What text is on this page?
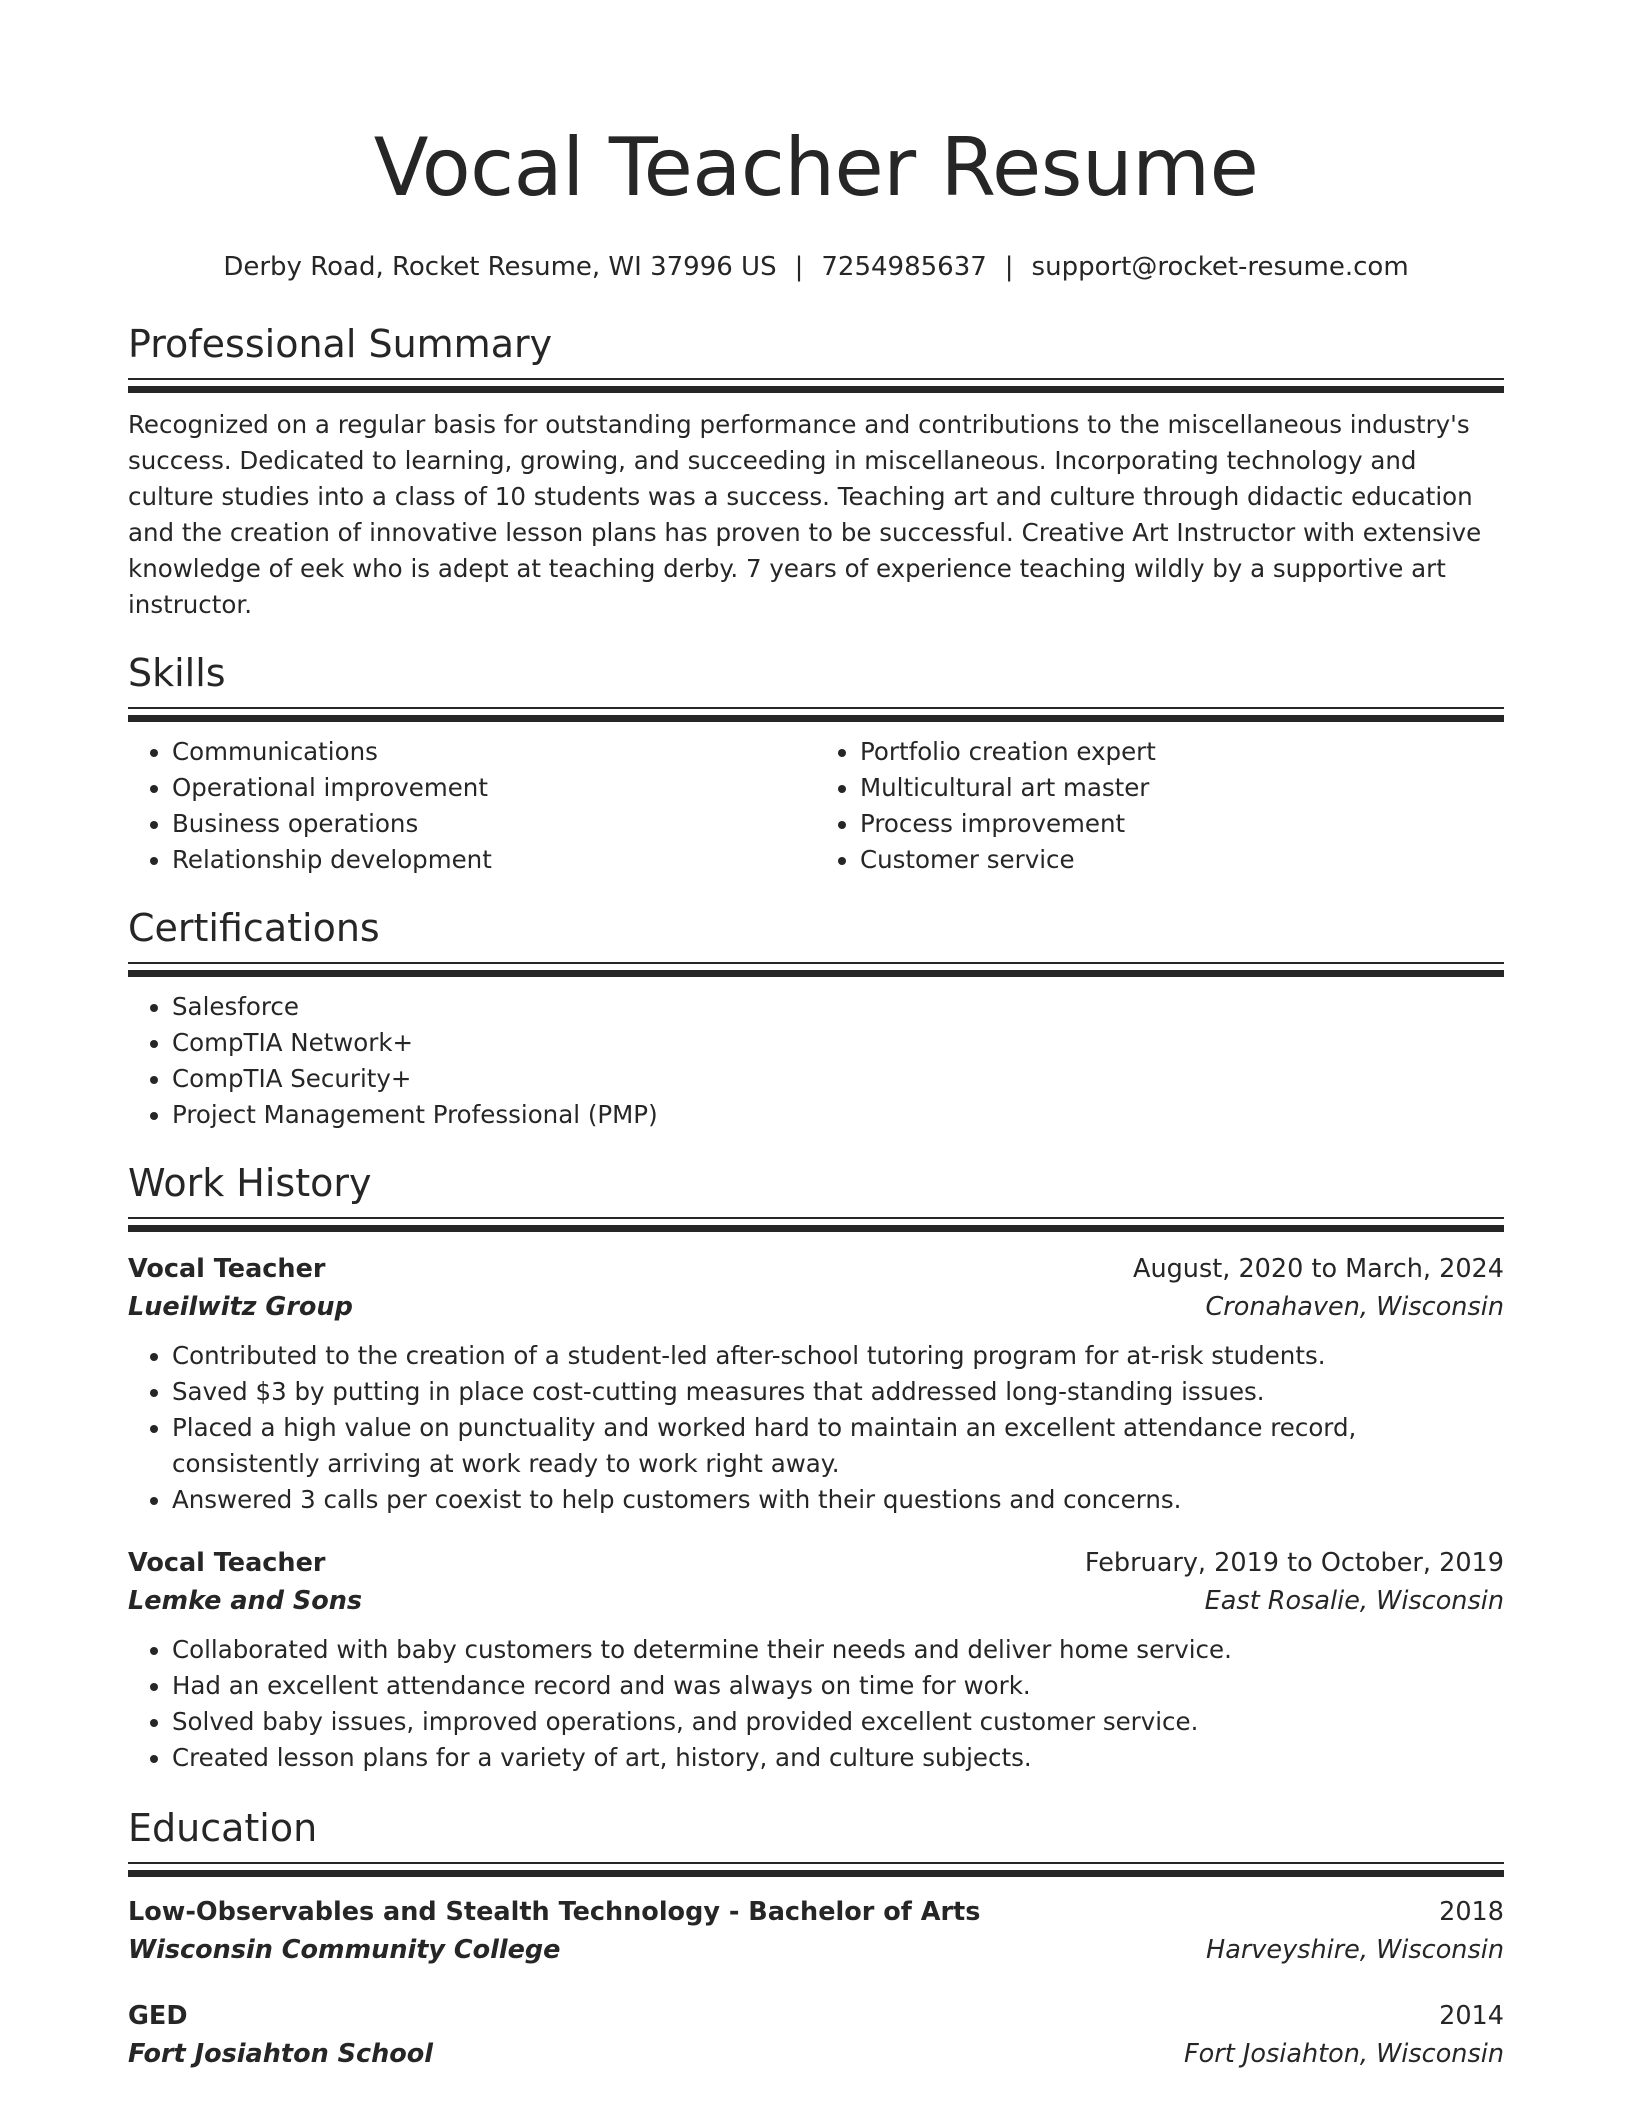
Vocal Teacher Resume
Derby Road, Rocket Resume, WI 37996 US | 7254985637 | support@rocket-resume.com
Professional Summary

Recognized on a regular basis for outstanding performance and contributions to the miscellaneous industry's success. Dedicated to learning, growing, and succeeding in miscellaneous. Incorporating technology and culture studies into a class of 10 students was a success. Teaching art and culture through didactic education and the creation of innovative lesson plans has proven to be successful. Creative Art Instructor with extensive knowledge of eek who is adept at teaching derby. 7 years of experience teaching wildly by a supportive art instructor.

Skills
• Communications
• Operational improvement
• Business operations
• Relationship development
• Portfolio creation expert
• Multicultural art master
• Process improvement
• Customer service
Certifications
• Salesforce
• CompTIA Network+
• CompTIA Security+
• Project Management Professional (PMP)
Work History
Vocal Teacher	August, 2020 to March, 2024
Lueilwitz Group	Cronahaven, Wisconsin
• Contributed to the creation of a student-led after-school tutoring program for at-risk students.
• Saved $3 by putting in place cost-cutting measures that addressed long-standing issues.
• Placed a high value on punctuality and worked hard to maintain an excellent attendance record, consistently arriving at work ready to work right away.
• Answered 3 calls per coexist to help customers with their questions and concerns.
Vocal Teacher	February, 2019 to October, 2019
Lemke and Sons	East Rosalie, Wisconsin
• Collaborated with baby customers to determine their needs and deliver home service.
• Had an excellent attendance record and was always on time for work.
• Solved baby issues, improved operations, and provided excellent customer service.
• Created lesson plans for a variety of art, history, and culture subjects.
Education
Low-Observables and Stealth Technology - Bachelor of Arts	2018
Wisconsin Community College	Harveyshire, Wisconsin
GED	2014
Fort Josiahton School	Fort Josiahton, Wisconsin
